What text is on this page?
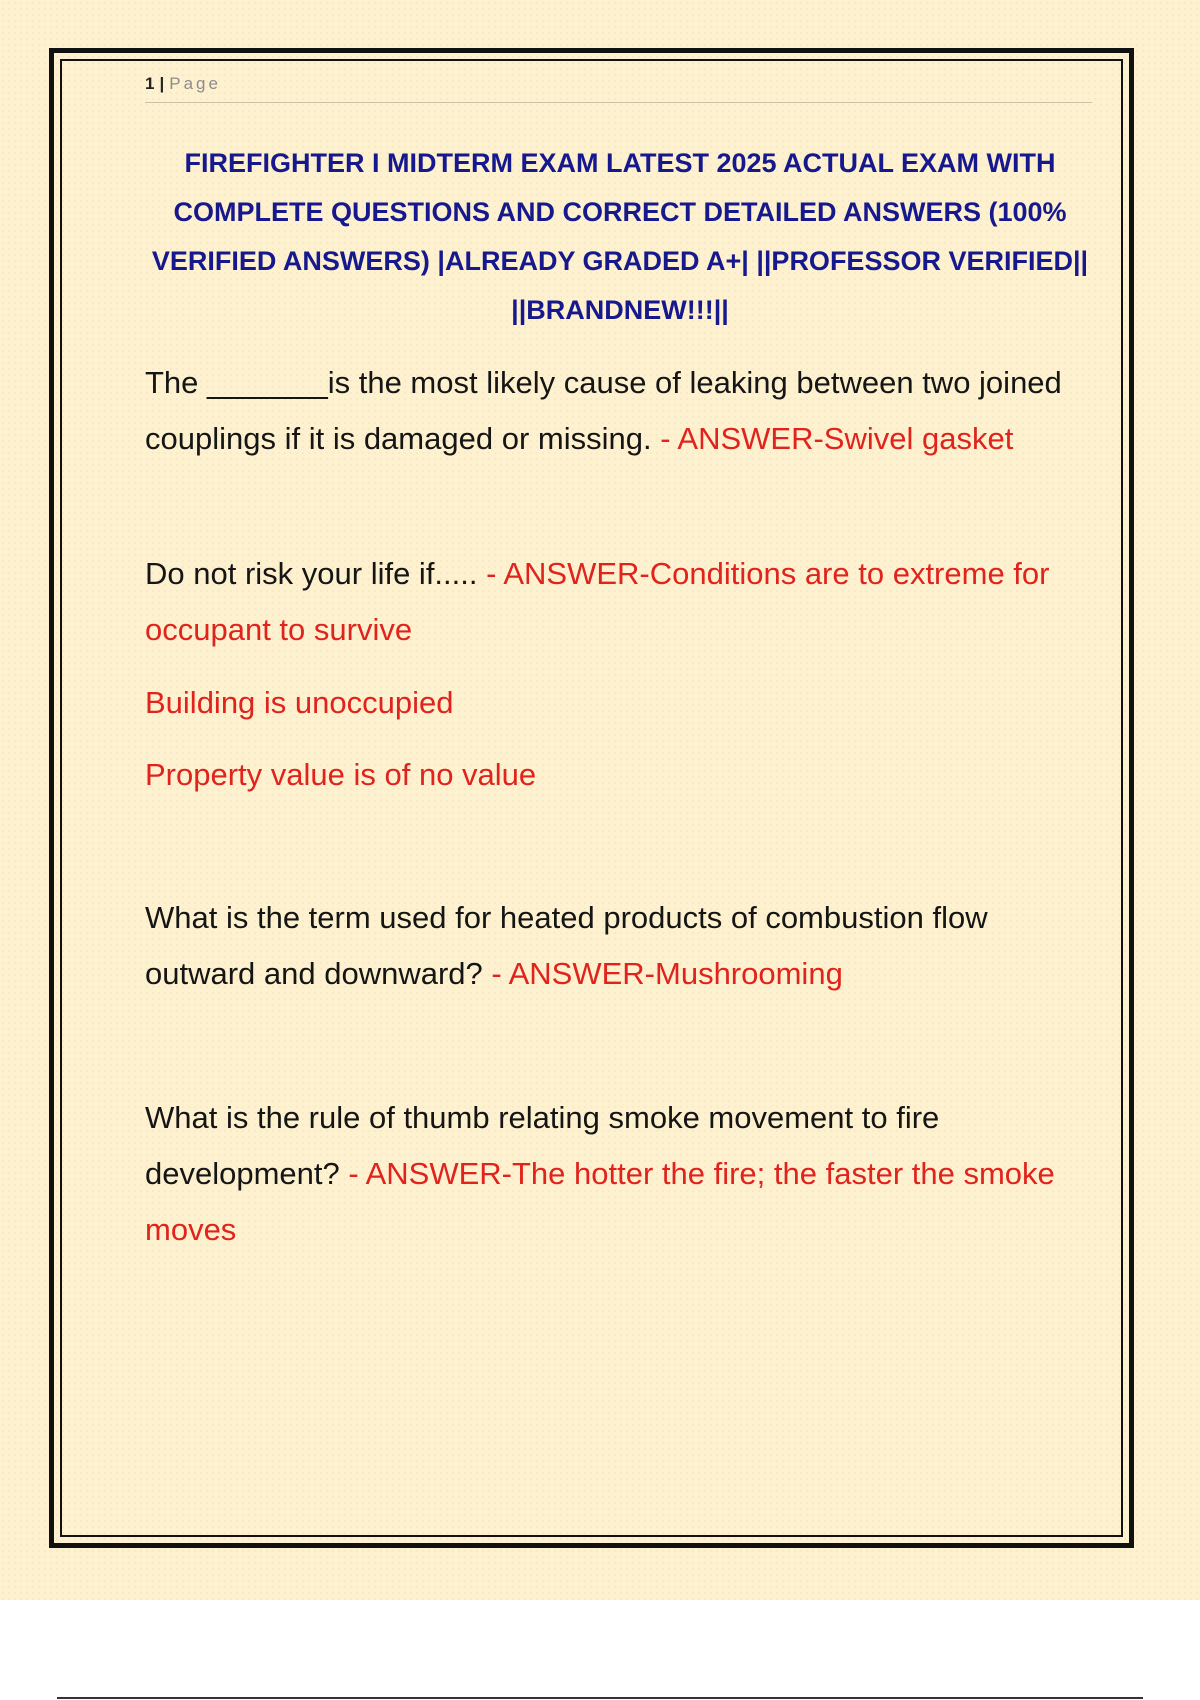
1 | Page
FIREFIGHTER I MIDTERM EXAM LATEST 2025 ACTUAL EXAM WITH COMPLETE QUESTIONS AND CORRECT DETAILED ANSWERS (100% VERIFIED ANSWERS) |ALREADY GRADED A+| ||PROFESSOR VERIFIED|| ||BRANDNEW!!!||

The _______is the most likely cause of leaking between two joined couplings if it is damaged or missing. - ANSWER-Swivel gasket

Do not risk your life if..... - ANSWER-Conditions are to extreme for occupant to survive

Building is unoccupied

Property value is of no value

What is the term used for heated products of combustion flow outward and downward? - ANSWER-Mushrooming

What is the rule of thumb relating smoke movement to fire development? - ANSWER-The hotter the fire; the faster the smoke moves
